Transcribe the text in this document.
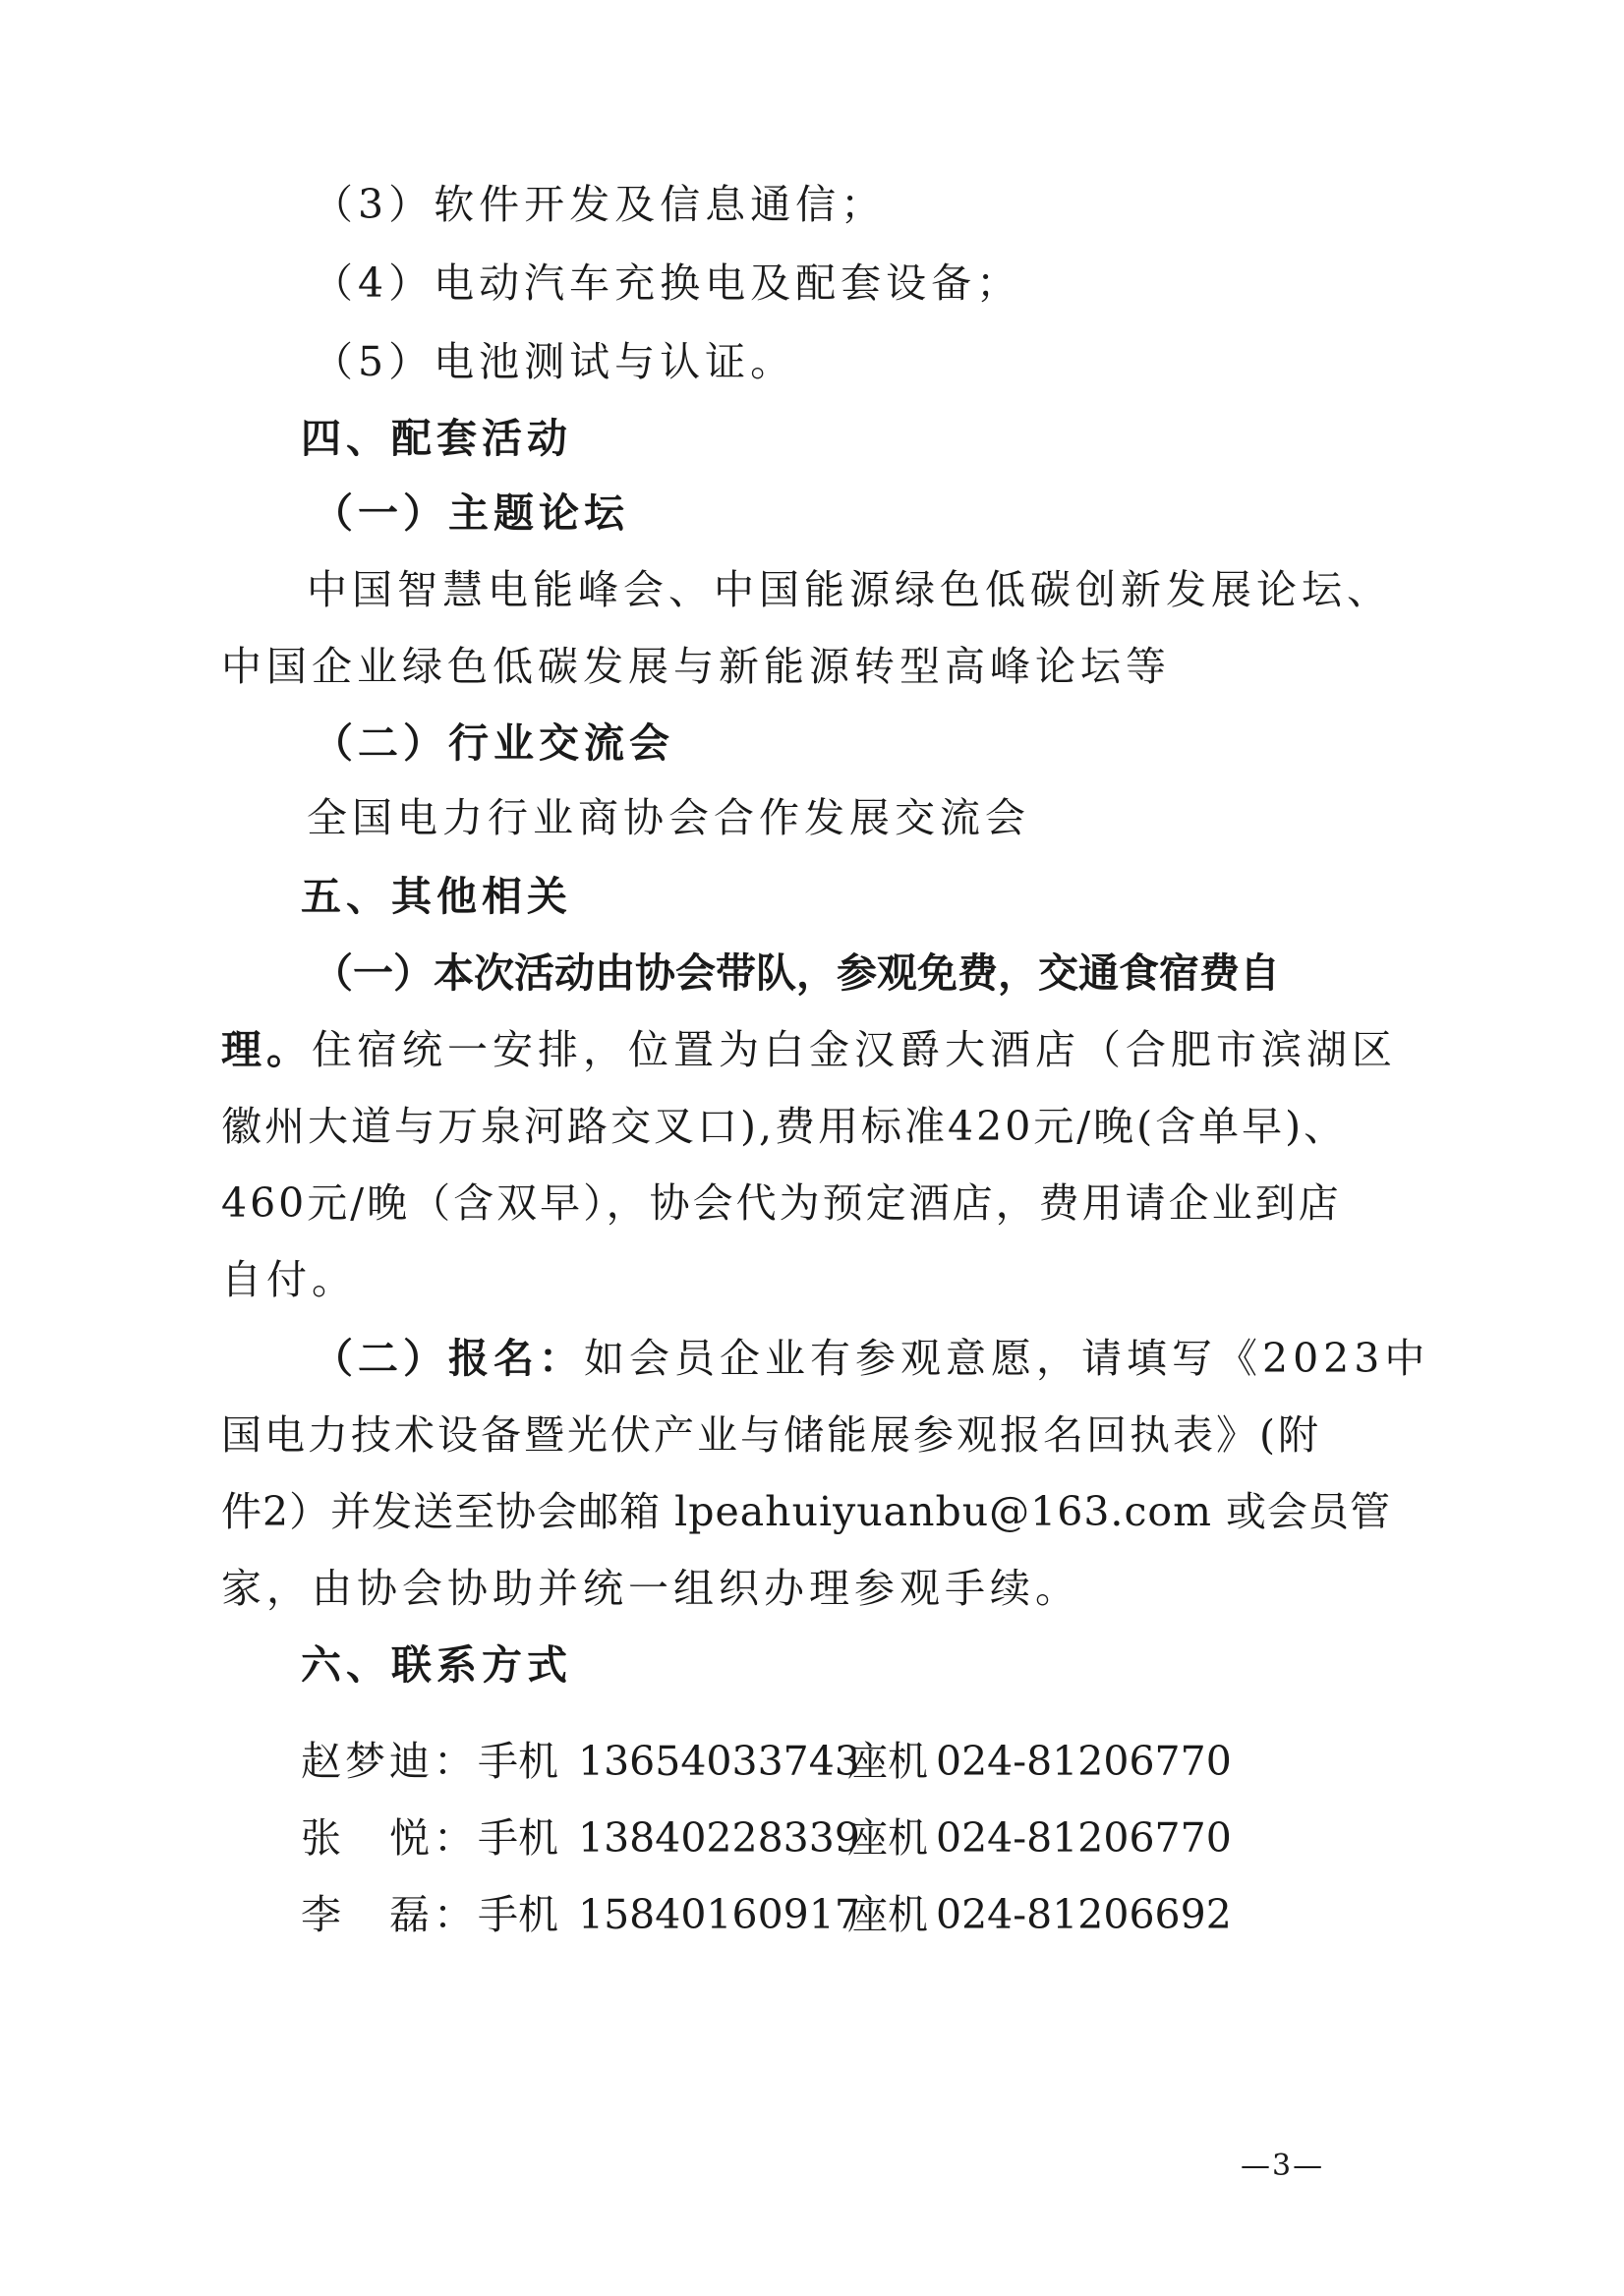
（3）软件开发及信息通信；
（4）电动汽车充换电及配套设备；
（5）电池测试与认证。
四、配套活动
（一）主题论坛
中国智慧电能峰会、中国能源绿色低碳创新发展论坛、
中国企业绿色低碳发展与新能源转型高峰论坛等
（二）行业交流会
全国电力行业商协会合作发展交流会
五、其他相关
（一）本次活动由协会带队，参观免费，交通食宿费自
理。住宿统一安排，位置为白金汉爵大酒店（合肥市滨湖区
徽州大道与万泉河路交叉口),费用标准420元/晚(含单早)、
460元/晚（含双早），协会代为预定酒店，费用请企业到店
自付。
（二）报名：如会员企业有参观意愿，请填写《2023中
国电力技术设备暨光伏产业与储能展参观报名回执表》(附
件2）并发送至协会邮箱 lpeahuiyuanbu@163.com 或会员管
家，由协会协助并统一组织办理参观手续。
六、联系方式
赵梦迪： 手机 13654033743
座机 024-81206770
张　悦： 手机 13840228339
座机 024-81206770
李　磊： 手机 15840160917
座机 024-81206692
—3—
